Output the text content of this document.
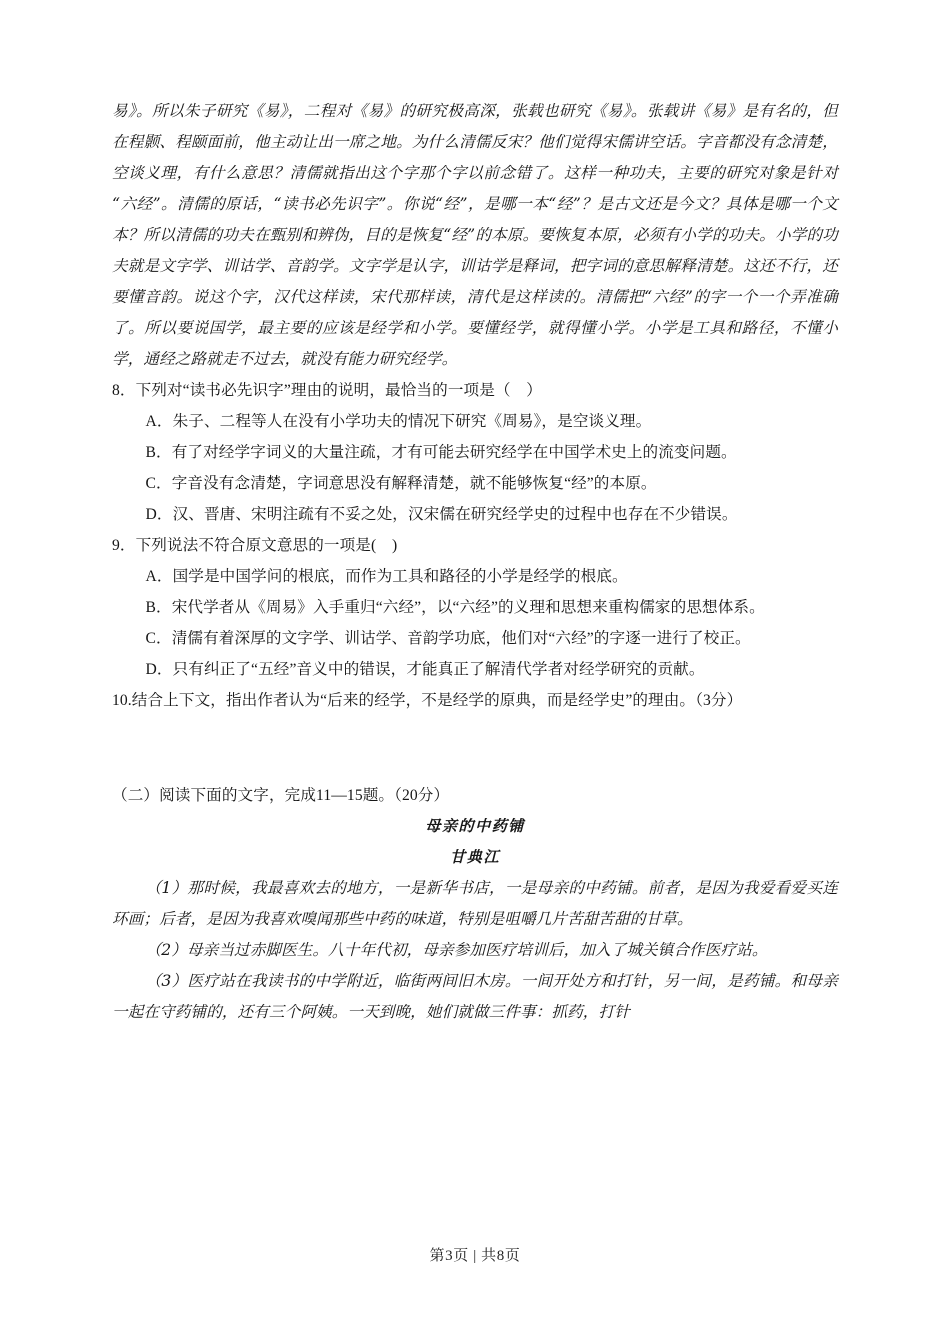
易》。所以朱子研究《易》，二程对《易》的研究极高深，张载也研究《易》。张载讲《易》是有名的，但在程颢、程颐面前，他主动让出一席之地。为什么清儒反宋？他们觉得宋儒讲空话。字音都没有念清楚，空谈义理，有什么意思？清儒就指出这个字那个字以前念错了。这样一种功夫，主要的研究对象是针对“六经”。清儒的原话，“读书必先识字”。你说“经”，是哪一本“经”？是古文还是今文？具体是哪一个文本？所以清儒的功夫在甄别和辨伪，目的是恢复“经”的本原。要恢复本原，必须有小学的功夫。小学的功夫就是文字学、训诂学、音韵学。文字学是认字，训诂学是释词，把字词的意思解释清楚。这还不行，还要懂音韵。说这个字，汉代这样读，宋代那样读，清代是这样读的。清儒把“六经”的字一个一个弄准确了。所以要说国学，最主要的应该是经学和小学。要懂经学，就得懂小学。小学是工具和路径，不懂小学，通经之路就走不过去，就没有能力研究经学。

8．下列对“读书必先识字”理由的说明，最恰当的一项是（　）

A．朱子、二程等人在没有小学功夫的情况下研究《周易》，是空谈义理。

B．有了对经学字词义的大量注疏，才有可能去研究经学在中国学术史上的流变问题。

C．字音没有念清楚，字词意思没有解释清楚，就不能够恢复“经”的本原。

D．汉、晋唐、宋明注疏有不妥之处，汉宋儒在研究经学史的过程中也存在不少错误。

9．下列说法不符合原文意思的一项是(　)

A．国学是中国学问的根底，而作为工具和路径的小学是经学的根底。

B．宋代学者从《周易》入手重归“六经”，以“六经”的义理和思想来重构儒家的思想体系。

C．清儒有着深厚的文字学、训诂学、音韵学功底，他们对“六经”的字逐一进行了校正。

D．只有纠正了“五经”音义中的错误，才能真正了解清代学者对经学研究的贡献。

10.结合上下文，指出作者认为“后来的经学，不是经学的原典，而是经学史”的理由。（3分）

（二）阅读下面的文字，完成11—15题。（20分）

母亲的中药铺

甘典江

（1）那时候，我最喜欢去的地方，一是新华书店，一是母亲的中药铺。前者，是因为我爱看爱买连环画；后者，是因为我喜欢嗅闻那些中药的味道，特别是咀嚼几片苦甜苦甜的甘草。

（2）母亲当过赤脚医生。八十年代初，母亲参加医疗培训后，加入了城关镇合作医疗站。

（3）医疗站在我读书的中学附近，临街两间旧木房。一间开处方和打针，另一间，是药铺。和母亲一起在守药铺的，还有三个阿姨。一天到晚，她们就做三件事：抓药，打针

第3页 | 共8页
